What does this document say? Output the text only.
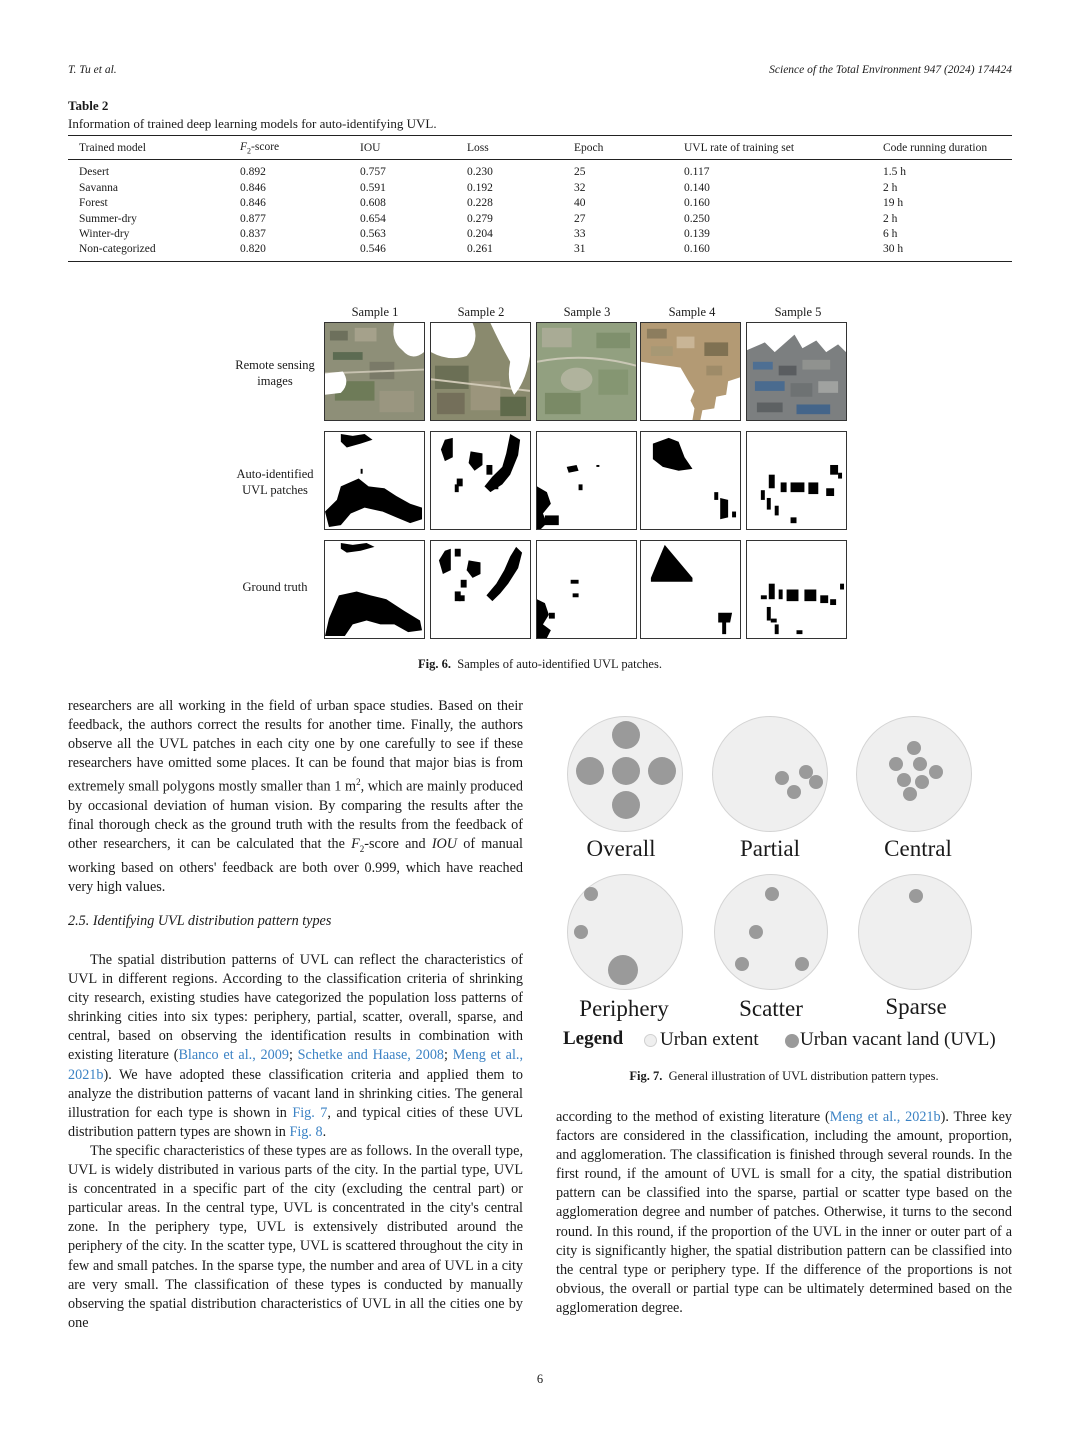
T. Tu et al.	Science of the Total Environment 947 (2024) 174424
Table 2
Information of trained deep learning models for auto-identifying UVL.
Trained model	$F_2$-score	IOU	Loss	Epoch	UVL rate of training set	Code running duration
Desert	0.892	0.757	0.230	25	0.117	1.5 h
Savanna	0.846	0.591	0.192	32	0.140	2 h
Forest	0.846	0.608	0.228	40	0.160	19 h
Summer-dry	0.877	0.654	0.279	27	0.250	2 h
Winter-dry	0.837	0.563	0.204	33	0.139	6 h
Non-categorized	0.820	0.546	0.261	31	0.160	30 h
Sample 1	Sample 2	Sample 3	Sample 4	Sample 5
Remote sensing images
Auto-identified UVL patches
Ground truth
Fig. 6. Samples of auto-identified UVL patches.

researchers are all working in the field of urban space studies. Based on their feedback, the authors correct the results for another time. Finally, the authors observe all the UVL patches in each city one by one carefully to see if these researchers have omitted some places. It can be found that major bias is from extremely small polygons mostly smaller than 1 $m^2$, which are mainly produced by occasional deviation of human vision. By comparing the results after the final thorough check as the ground truth with the results from the feedback of other researchers, it can be calculated that the $F_2$-score and IOU of manual working based on others' feedback are both over 0.999, which have reached very high values.

2.5. Identifying UVL distribution pattern types

The spatial distribution patterns of UVL can reflect the characteristics of UVL in different regions. According to the classification criteria of shrinking city research, existing studies have categorized the population loss patterns of shrinking cities into six types: periphery, partial, scatter, overall, sparse, and central, based on observing the identification results in combination with existing literature (Blanco et al., 2009; Schetke and Haase, 2008; Meng et al., 2021b). We have adopted these classification criteria and applied them to analyze the distribution patterns of vacant land in shrinking cities. The general illustration for each type is shown in Fig. 7, and typical cities of these UVL distribution pattern types are shown in Fig. 8.

The specific characteristics of these types are as follows. In the overall type, UVL is widely distributed in various parts of the city. In the partial type, UVL is concentrated in a specific part of the city (excluding the central part) or particular areas. In the central type, UVL is concentrated in the city's central zone. In the periphery type, UVL is extensively distributed around the periphery of the city. In the scatter type, UVL is scattered throughout the city in few and small patches. In the sparse type, the number and area of UVL in a city are very small. The classification of these types is conducted by manually observing the spatial distribution characteristics of UVL in all the cities one by one

Overall	Partial	Central
Periphery	Scatter	Sparse
Legend Urban extent Urban vacant land (UVL)
Fig. 7. General illustration of UVL distribution pattern types.

according to the method of existing literature (Meng et al., 2021b). Three key factors are considered in the classification, including the amount, proportion, and agglomeration. The classification is finished through several rounds. In the first round, if the amount of UVL is small for a city, the spatial distribution pattern can be classified into the sparse, partial or scatter type based on the agglomeration degree and number of patches. Otherwise, it turns to the second round. In this round, if the proportion of the UVL in the inner or outer part of a city is significantly higher, the spatial distribution pattern can be classified into the central type or periphery type. If the difference of the proportions is not obvious, the overall or partial type can be ultimately determined based on the agglomeration degree.

6
